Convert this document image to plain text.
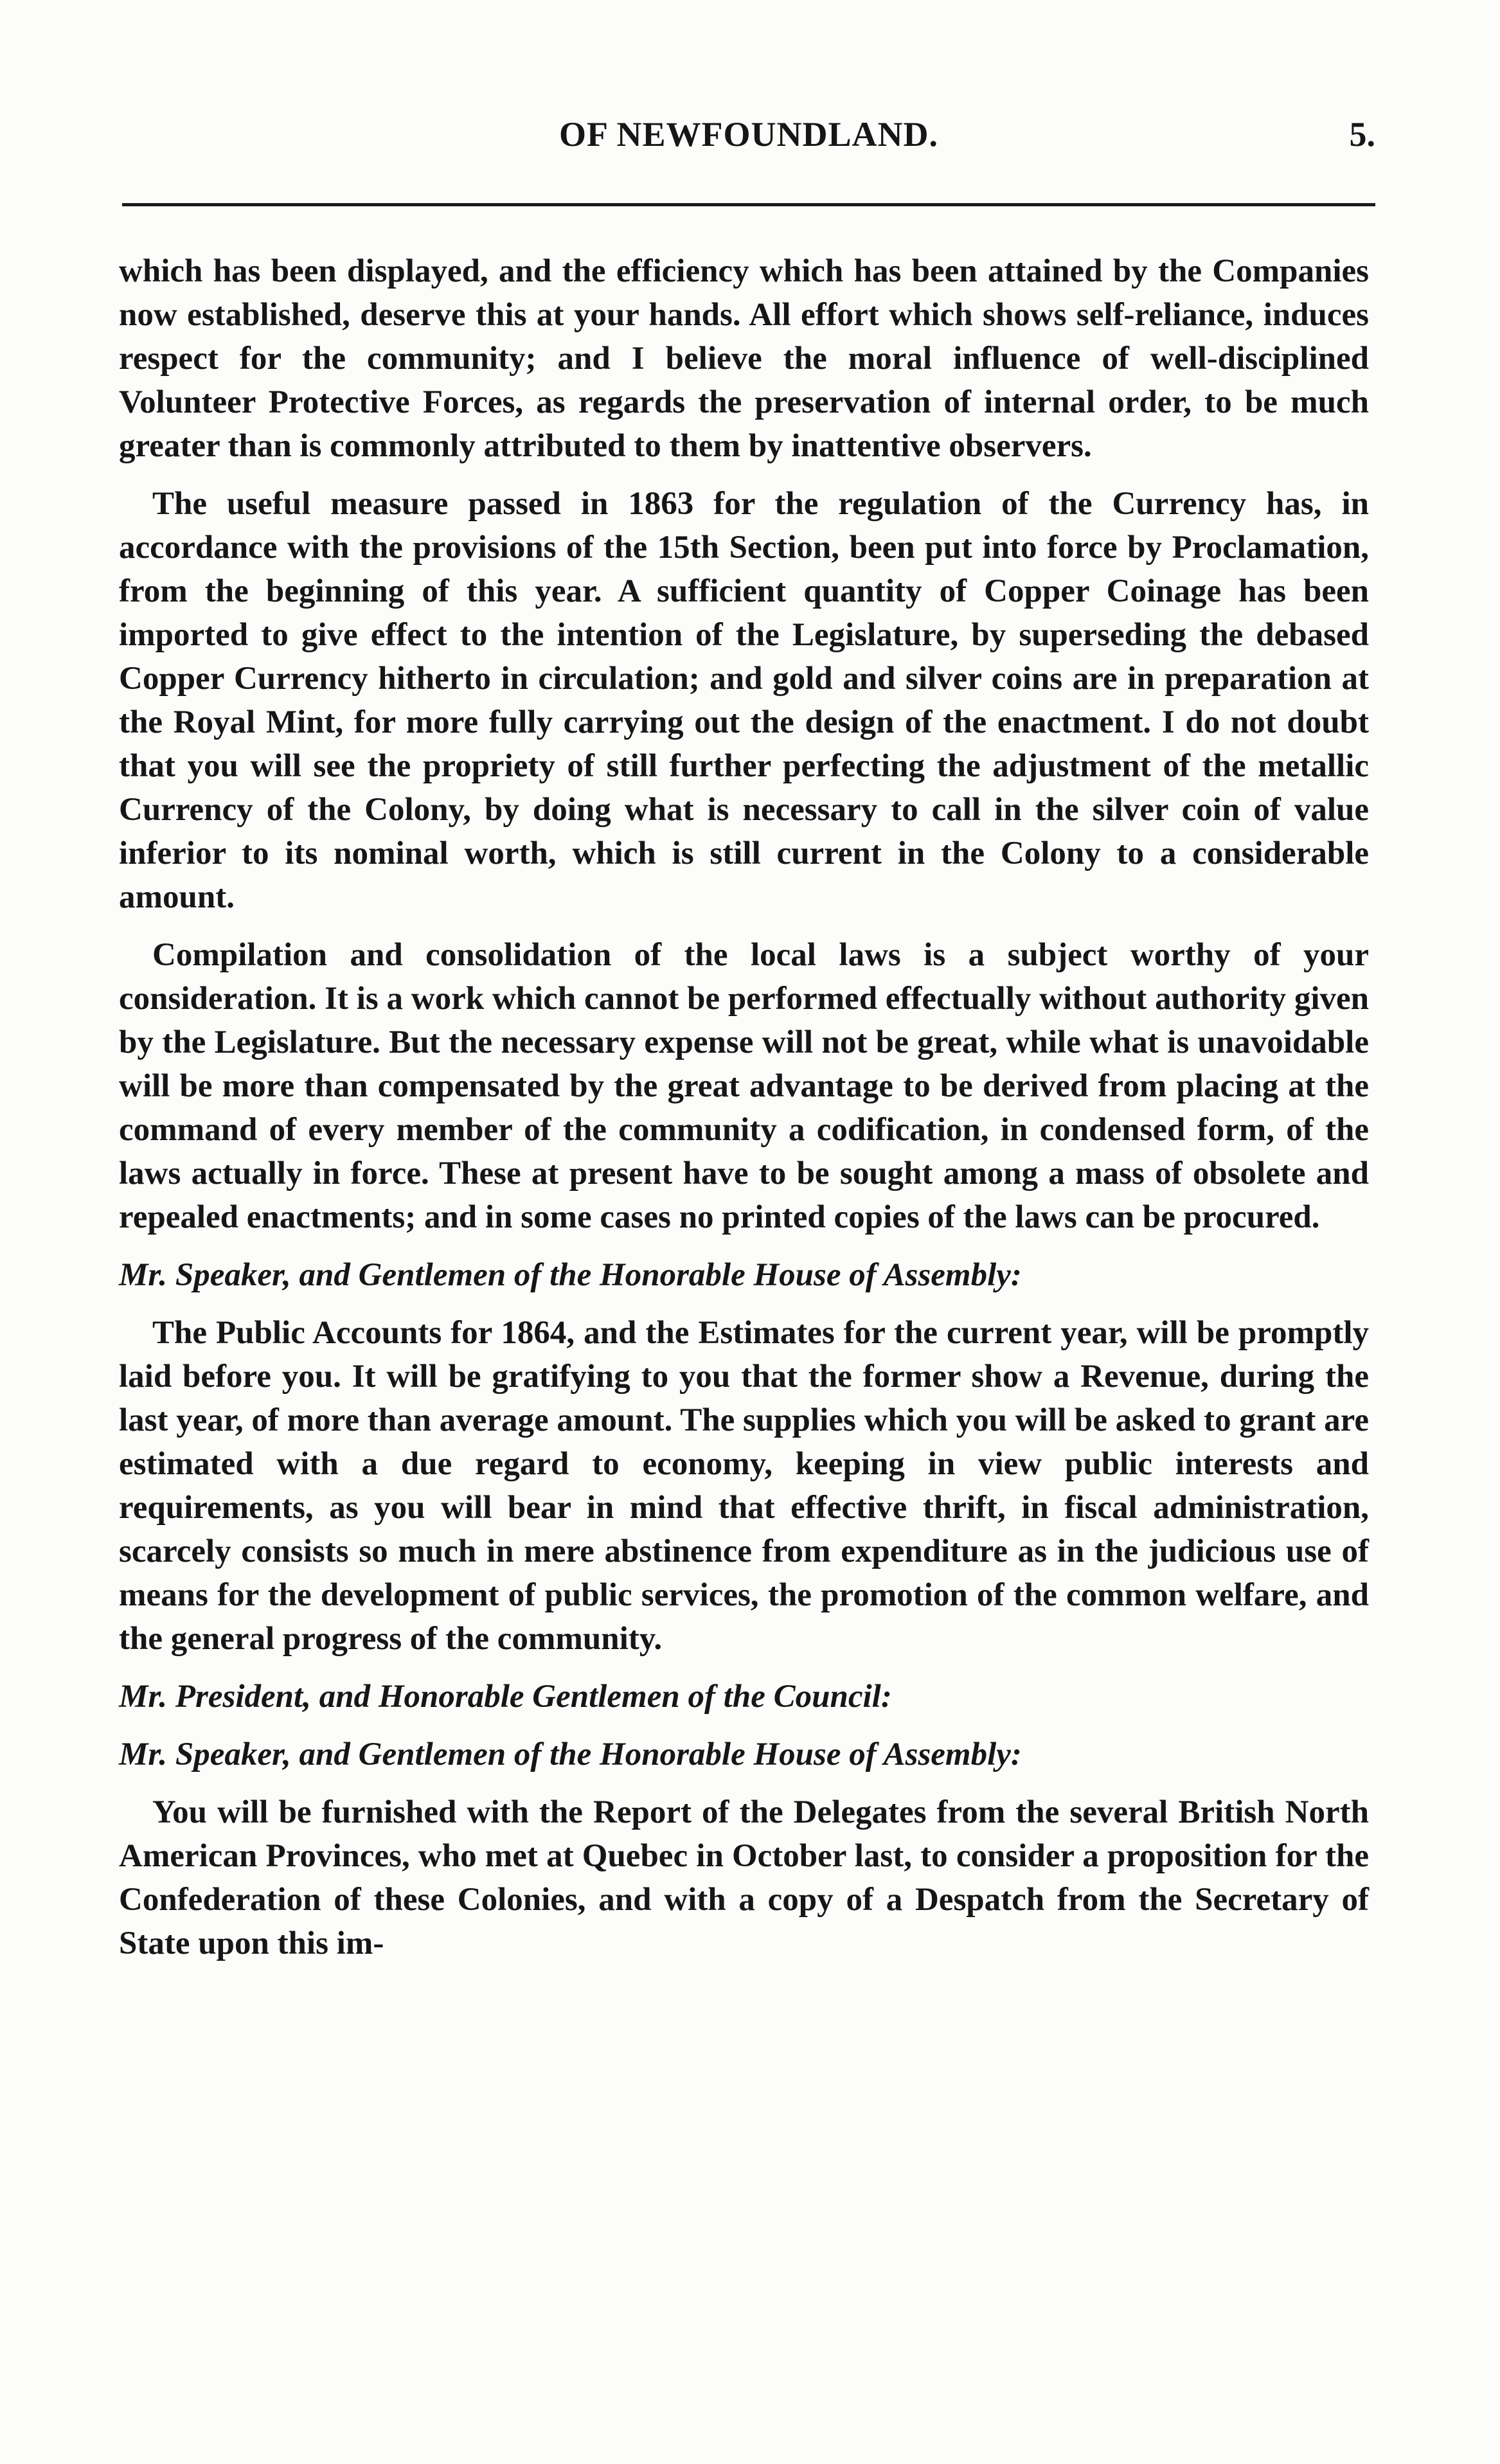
OF NEWFOUNDLAND.	5.

which has been displayed, and the efficiency which has been attained by the Companies now established, deserve this at your hands. All effort which shows self-reliance, induces respect for the community; and I believe the moral influence of well-disciplined Volunteer Protective Forces, as regards the preservation of internal order, to be much greater than is commonly attributed to them by inattentive observers.

The useful measure passed in 1863 for the regulation of the Currency has, in accordance with the provisions of the 15th Section, been put into force by Proclamation, from the beginning of this year. A sufficient quantity of Copper Coinage has been imported to give effect to the intention of the Legislature, by superseding the debased Copper Currency hitherto in circulation; and gold and silver coins are in preparation at the Royal Mint, for more fully carrying out the design of the enactment. I do not doubt that you will see the propriety of still further perfecting the adjustment of the metallic Currency of the Colony, by doing what is necessary to call in the silver coin of value inferior to its nominal worth, which is still current in the Colony to a considerable amount.

Compilation and consolidation of the local laws is a subject worthy of your consideration. It is a work which cannot be performed effectually without authority given by the Legislature. But the necessary expense will not be great, while what is unavoidable will be more than compensated by the great advantage to be derived from placing at the command of every member of the community a codification, in condensed form, of the laws actually in force. These at present have to be sought among a mass of obsolete and repealed enactments; and in some cases no printed copies of the laws can be procured.

Mr. Speaker, and Gentlemen of the Honorable House of Assembly:

The Public Accounts for 1864, and the Estimates for the current year, will be promptly laid before you. It will be gratifying to you that the former show a Revenue, during the last year, of more than average amount. The supplies which you will be asked to grant are estimated with a due regard to economy, keeping in view public interests and requirements, as you will bear in mind that effective thrift, in fiscal administration, scarcely consists so much in mere abstinence from expenditure as in the judicious use of means for the development of public services, the promotion of the common welfare, and the general progress of the community.

Mr. President, and Honorable Gentlemen of the Council:
Mr. Speaker, and Gentlemen of the Honorable House of Assembly:

You will be furnished with the Report of the Delegates from the several British North American Provinces, who met at Quebec in October last, to consider a proposition for the Confederation of these Colonies, and with a copy of a Despatch from the Secretary of State upon this im-
